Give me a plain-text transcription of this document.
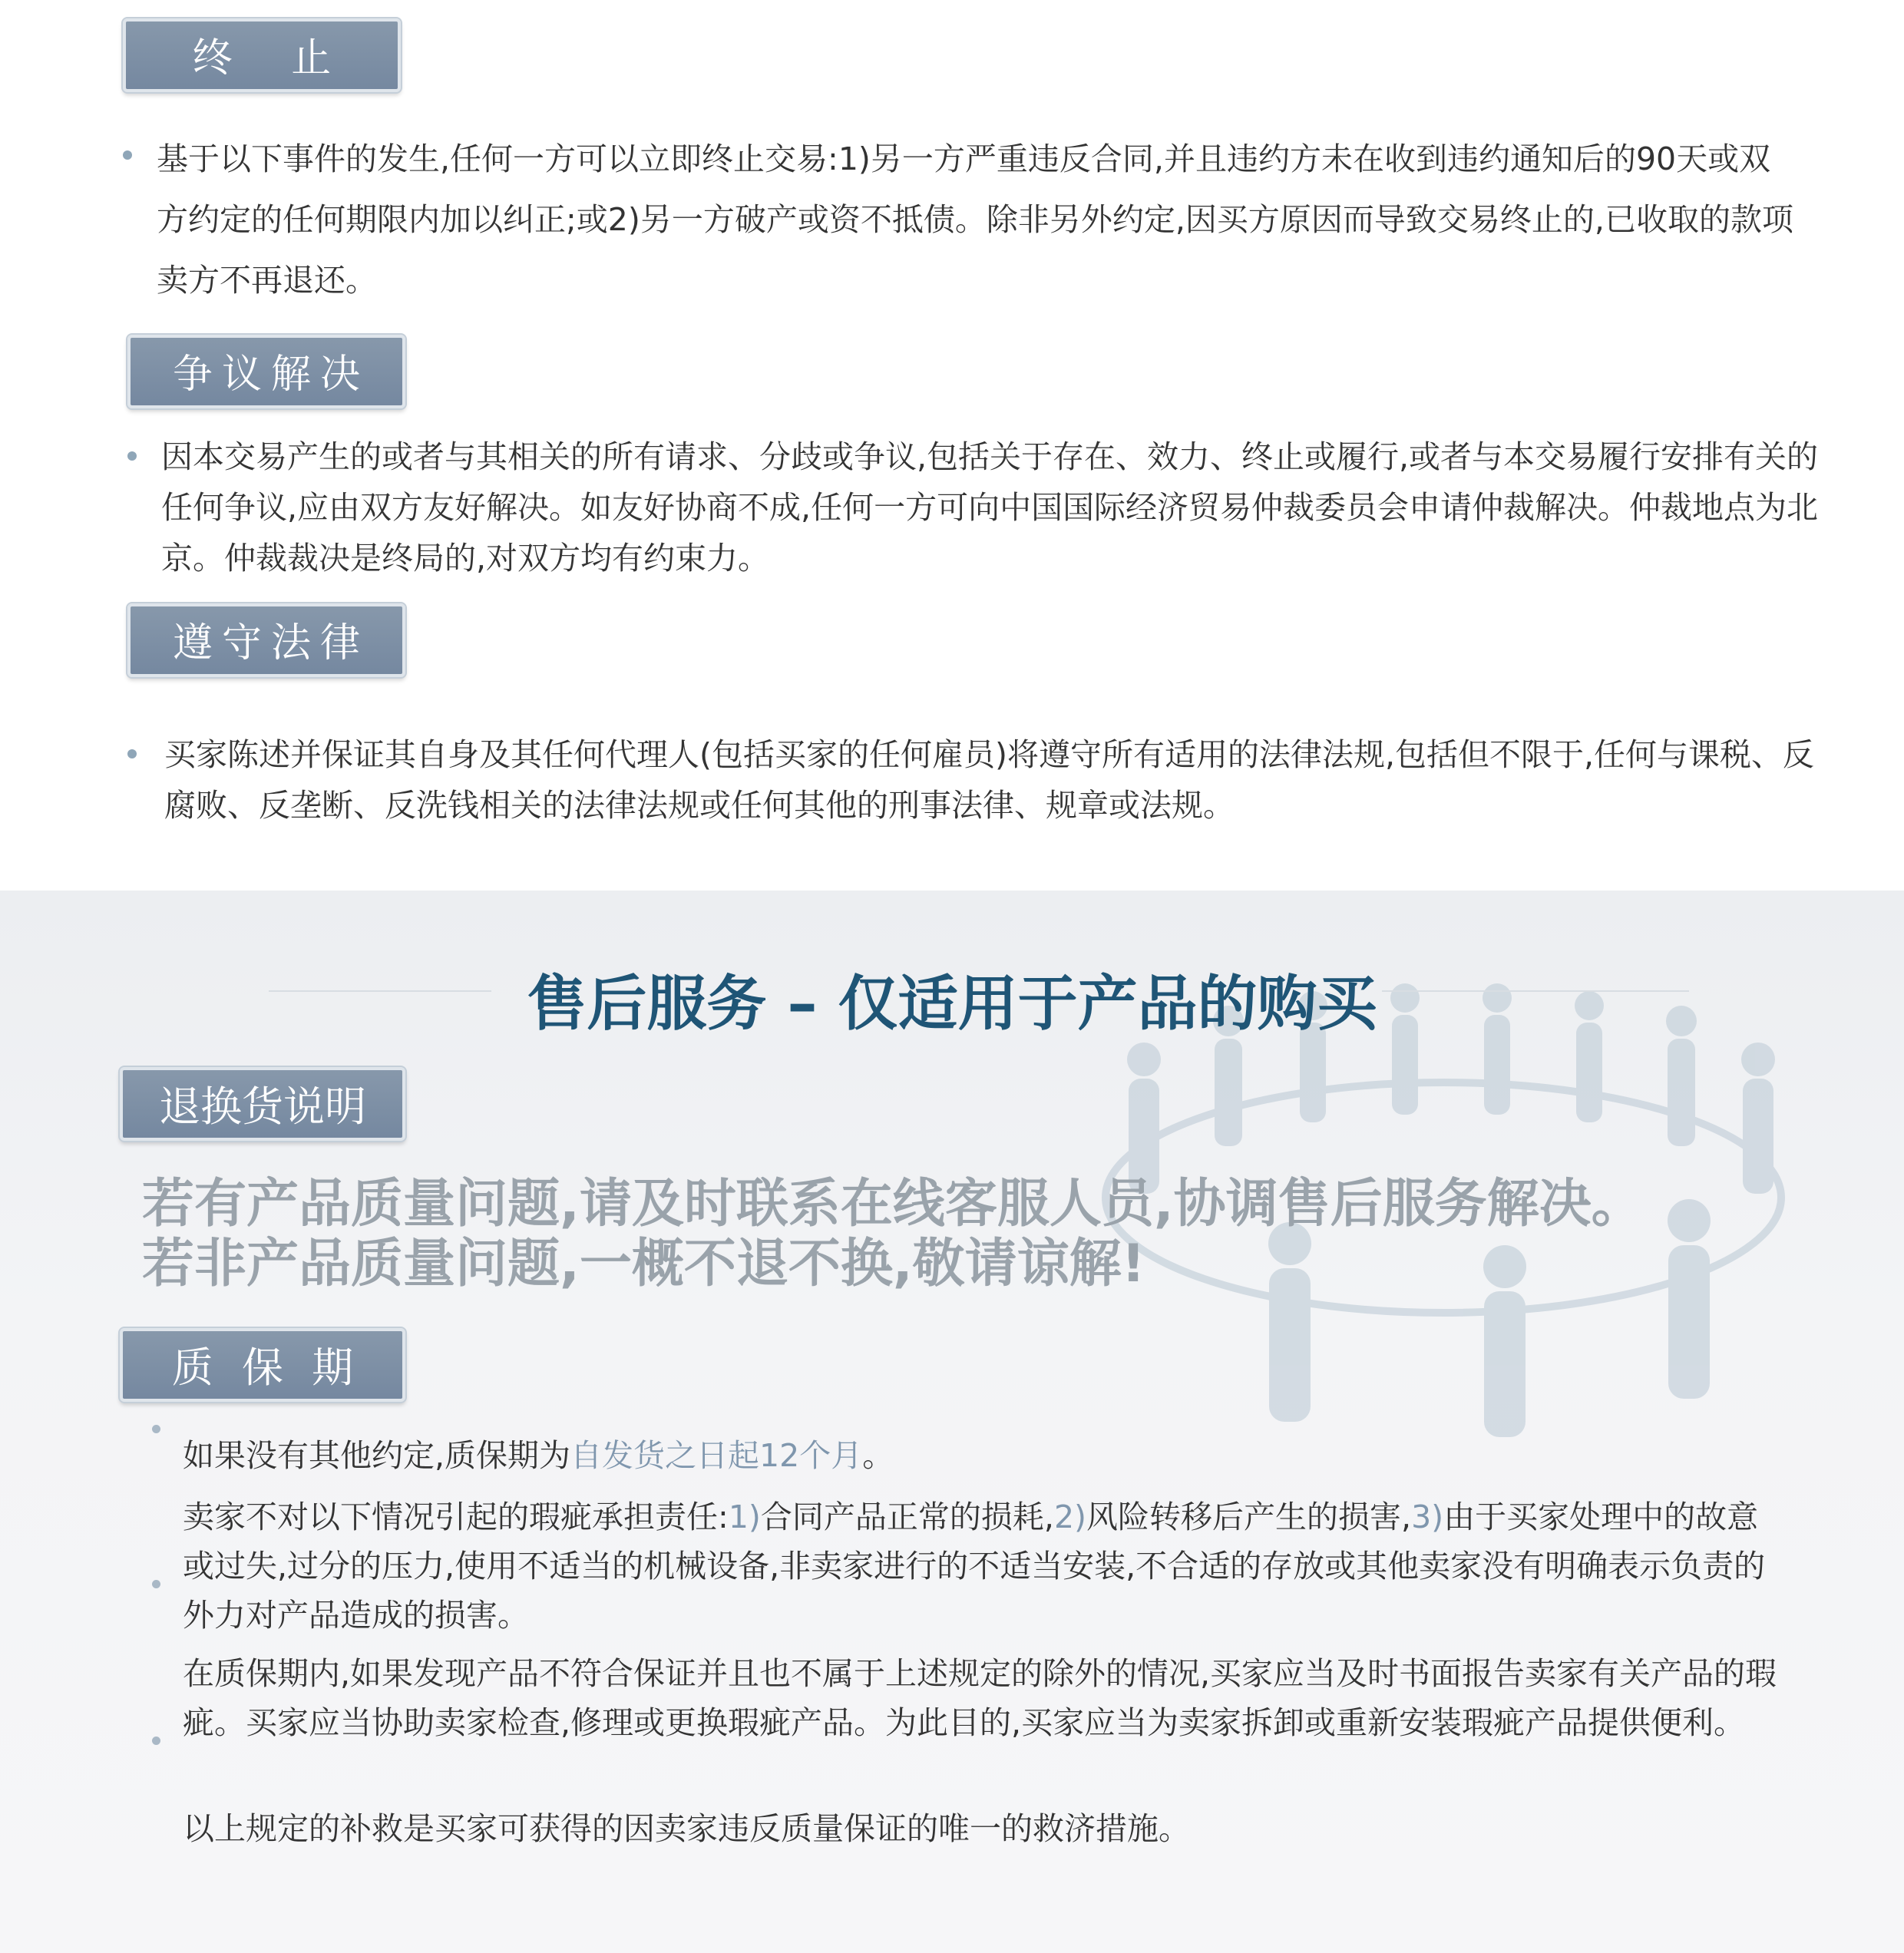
终 止

基于以下事件的发生,任何一方可以立即终止交易:1)另一方严重违反合同,并且违约方未在收到违约通知后的90天或双方约定的任何期限内加以纠正;或2)另一方破产或资不抵债。除非另外约定,因买方原因而导致交易终止的,已收取的款项卖方不再退还。

争议解决

因本交易产生的或者与其相关的所有请求、分歧或争议,包括关于存在、效力、终止或履行,或者与本交易履行安排有关的任何争议,应由双方友好解决。如友好协商不成,任何一方可向中国国际经济贸易仲裁委员会申请仲裁解决。仲裁地点为北京。仲裁裁决是终局的,对双方均有约束力。

遵守法律

买家陈述并保证其自身及其任何代理人(包括买家的任何雇员)将遵守所有适用的法律法规,包括但不限于,任何与课税、反腐败、反垄断、反洗钱相关的法律法规或任何其他的刑事法律、规章或法规。

售后服务 – 仅适用于产品的购买
退换货说明
若有产品质量问题,请及时联系在线客服人员,协调售后服务解决。
若非产品质量问题,一概不退不换,敬请谅解!
质 保 期
如果没有其他约定,质保期为自发货之日起12个月。
卖家不对以下情况引起的瑕疵承担责任:1)合同产品正常的损耗,2)风险转移后产生的损害,3)由于买家处理中的故意或过失,过分的压力,使用不适当的机械设备,非卖家进行的不适当安装,不合适的存放或其他卖家没有明确表示负责的外力对产品造成的损害。
在质保期内,如果发现产品不符合保证并且也不属于上述规定的除外的情况,买家应当及时书面报告卖家有关产品的瑕疵。买家应当协助卖家检查,修理或更换瑕疵产品。为此目的,买家应当为卖家拆卸或重新安装瑕疵产品提供便利。
以上规定的补救是买家可获得的因卖家违反质量保证的唯一的救济措施。
